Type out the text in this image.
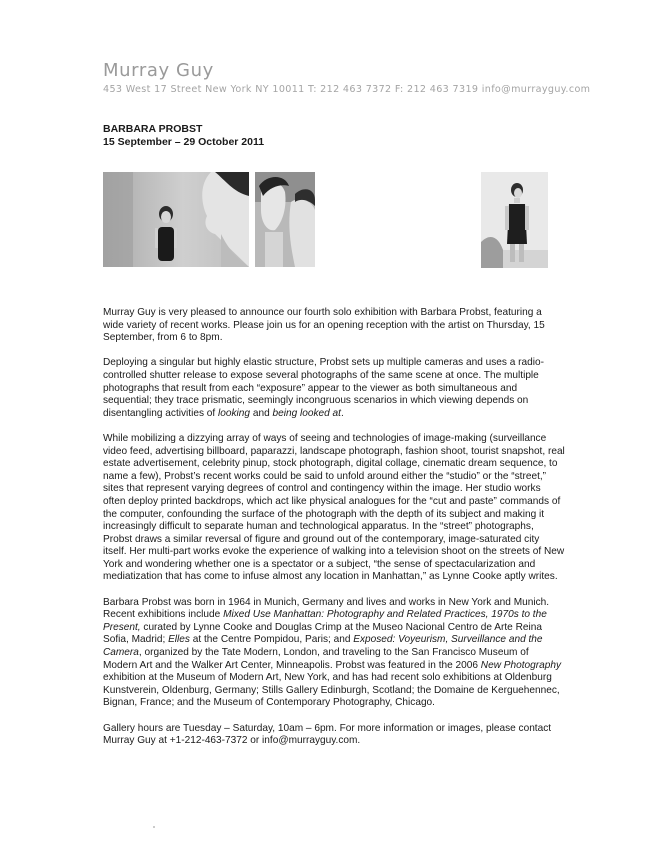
Murray Guy
453 West 17 Street New York NY 10011 T: 212 463 7372 F: 212 463 7319 info@murrayguy.com
BARBARA PROBST
15 September – 29 October 2011

Murray Guy is very pleased to announce our fourth solo exhibition with Barbara Probst, featuring a wide variety of recent works. Please join us for an opening reception with the artist on Thursday, 15 September, from 6 to 8pm.

Deploying a singular but highly elastic structure, Probst sets up multiple cameras and uses a radio-controlled shutter release to expose several photographs of the same scene at once. The multiple photographs that result from each “exposure” appear to the viewer as both simultaneous and sequential; they trace prismatic, seemingly incongruous scenarios in which viewing depends on disentangling activities of looking and being looked at.

While mobilizing a dizzying array of ways of seeing and technologies of image-making (surveillance video feed, advertising billboard, paparazzi, landscape photograph, fashion shoot, tourist snapshot, real estate advertisement, celebrity pinup, stock photograph, digital collage, cinematic dream sequence, to name a few), Probst’s recent works could be said to unfold around either the “studio” or the “street,” sites that represent varying degrees of control and contingency within the image. Her studio works often deploy printed backdrops, which act like physical analogues for the “cut and paste” commands of the computer, confounding the surface of the photograph with the depth of its subject and making it increasingly difficult to separate human and technological apparatus. In the “street” photographs, Probst draws a similar reversal of figure and ground out of the contemporary, image-saturated city itself. Her multi-part works evoke the experience of walking into a television shoot on the streets of New York and wondering whether one is a spectator or a subject, “the sense of spectacularization and mediatization that has come to infuse almost any location in Manhattan,” as Lynne Cooke aptly writes.

Barbara Probst was born in 1964 in Munich, Germany and lives and works in New York and Munich. Recent exhibitions include Mixed Use Manhattan: Photography and Related Practices, 1970s to the Present, curated by Lynne Cooke and Douglas Crimp at the Museo Nacional Centro de Arte Reina Sofia, Madrid; Elles at the Centre Pompidou, Paris; and Exposed: Voyeurism, Surveillance and the Camera, organized by the Tate Modern, London, and traveling to the San Francisco Museum of Modern Art and the Walker Art Center, Minneapolis. Probst was featured in the 2006 New Photography exhibition at the Museum of Modern Art, New York, and has had recent solo exhibitions at Oldenburg Kunstverein, Oldenburg, Germany; Stills Gallery Edinburgh, Scotland; the Domaine de Kerguehennec, Bignan, France; and the Museum of Contemporary Photography, Chicago.

Gallery hours are Tuesday – Saturday, 10am – 6pm. For more information or images, please contact Murray Guy at +1-212-463-7372 or info@murrayguy.com.
